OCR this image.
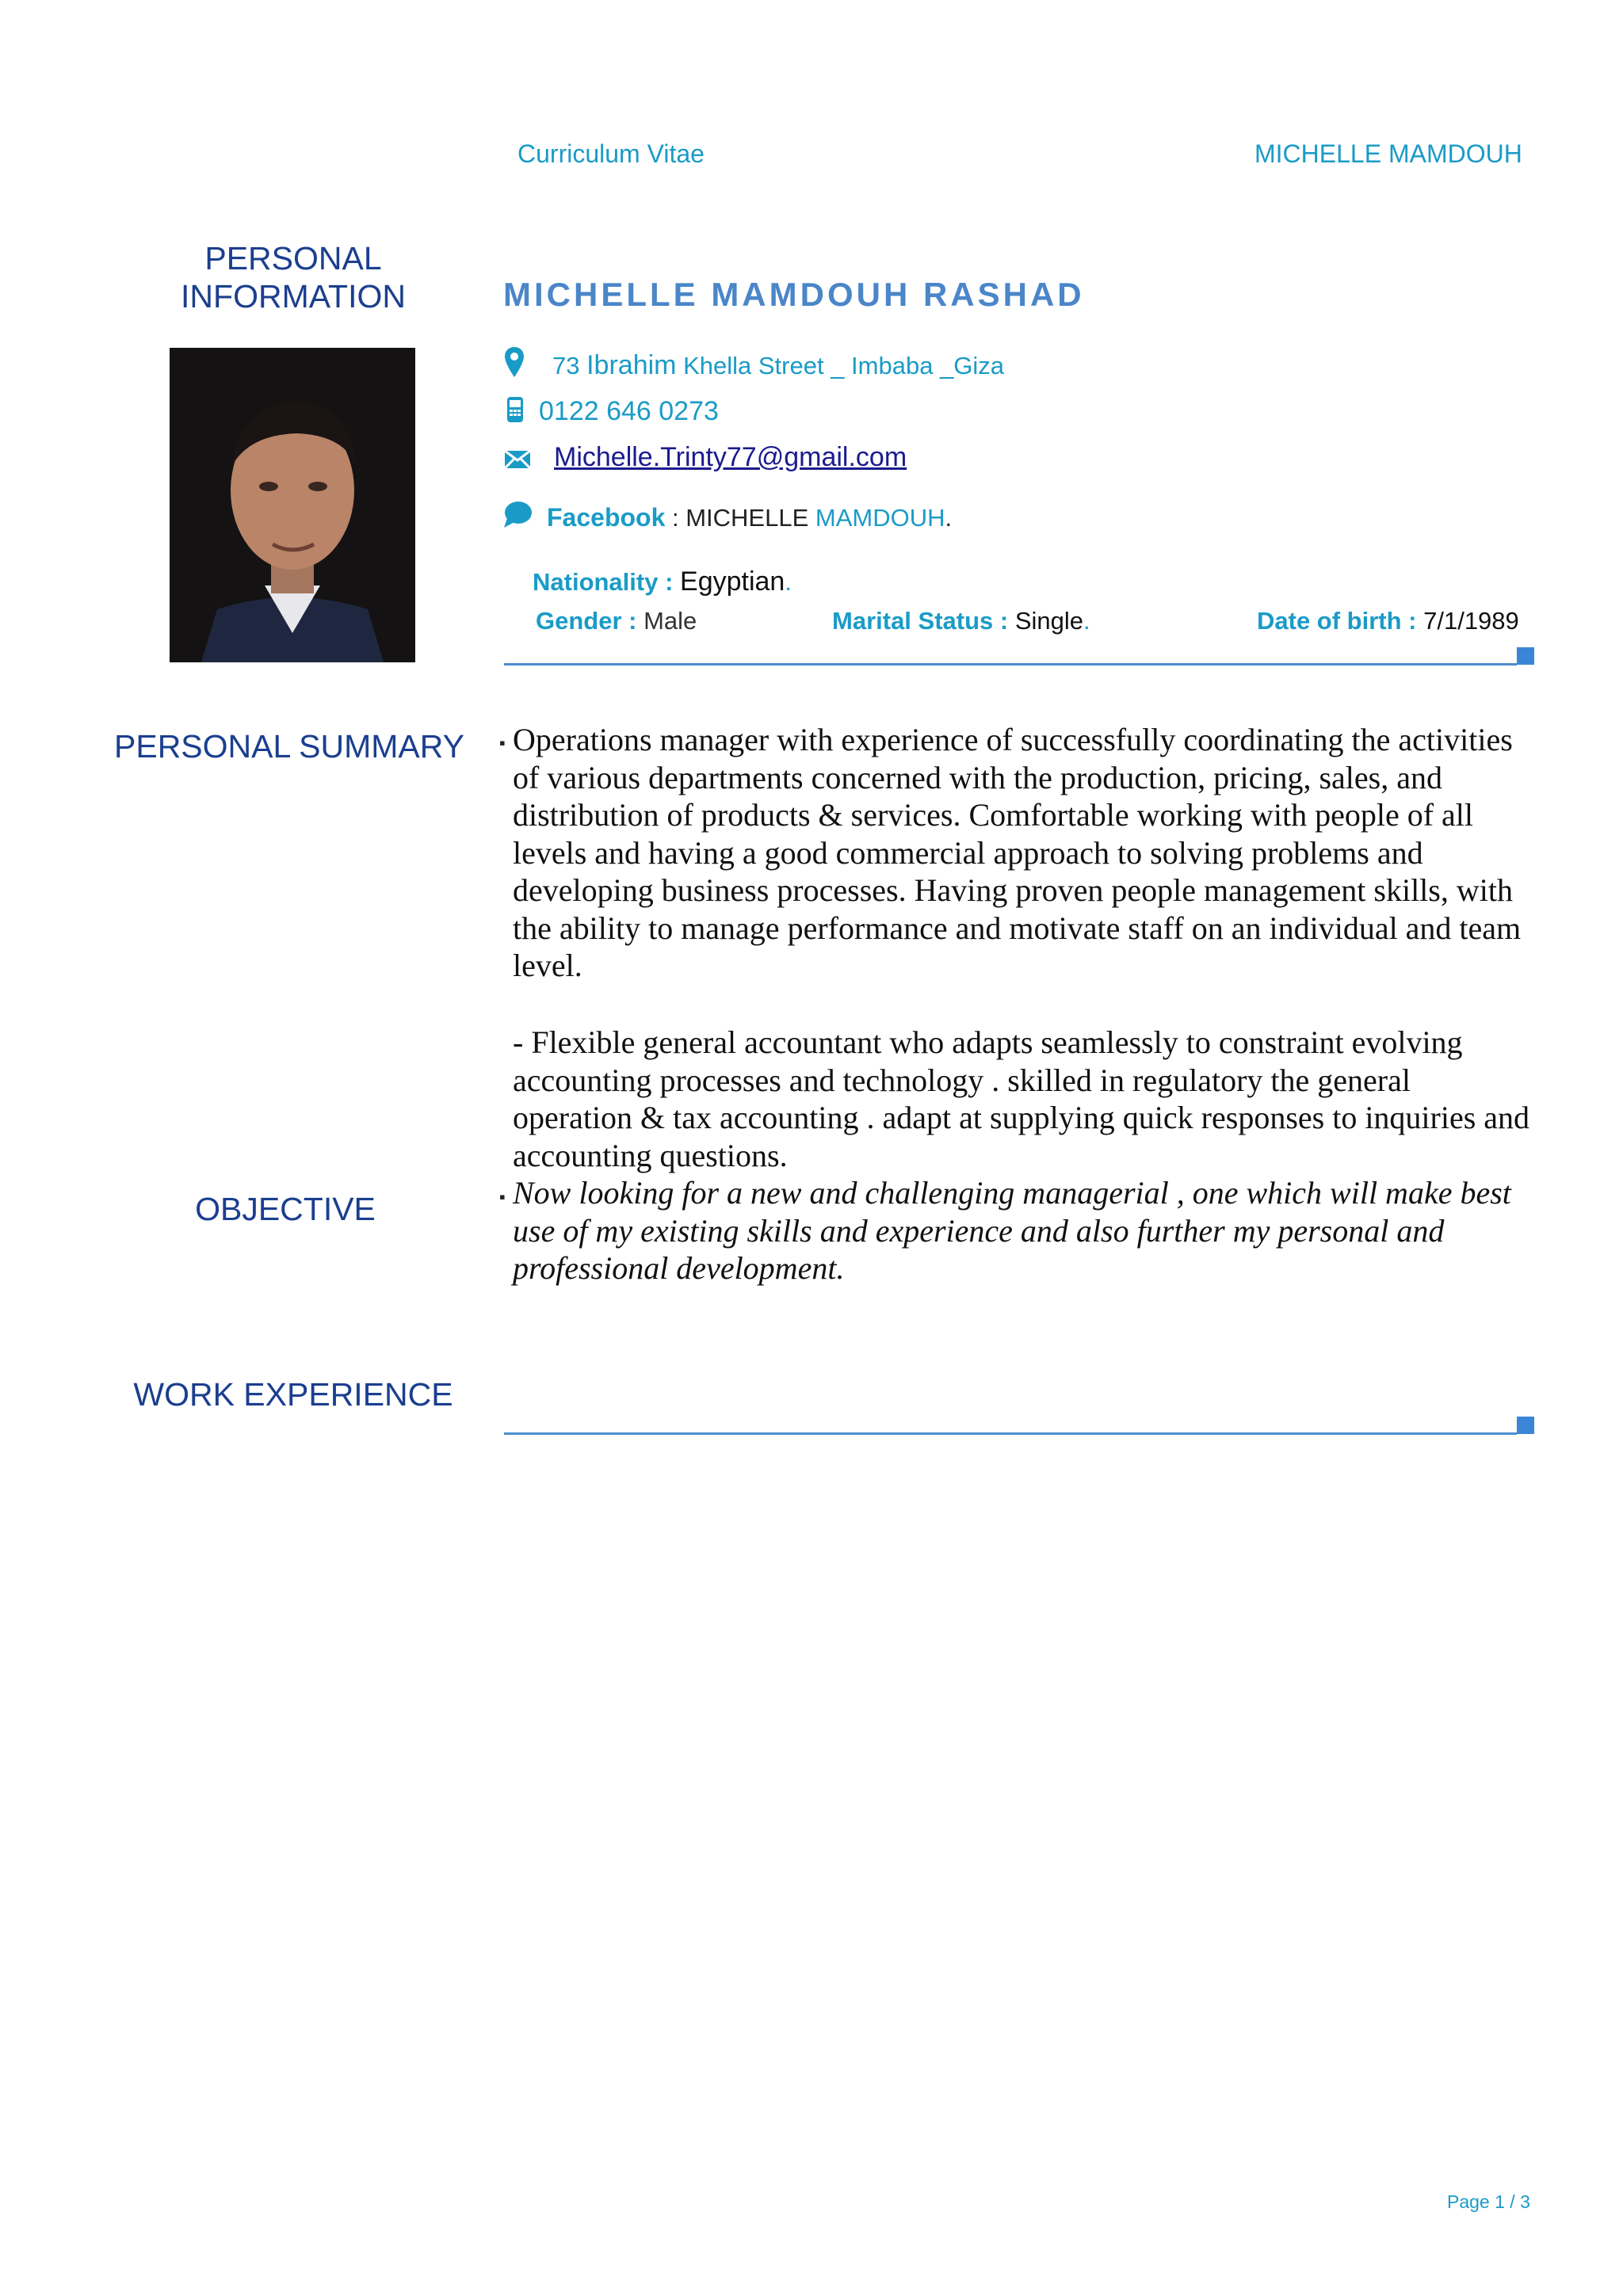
Curriculum Vitae	MICHELLE MAMDOUH
PERSONAL
INFORMATION
PERSONAL SUMMARY
OBJECTIVE
WORK EXPERIENCE
MICHELLE MAMDOUH RASHAD
73 Ibrahim Khella Street _ Imbaba _Giza
0122 646 0273
Michelle.Trinty77@gmail.com
Facebook : MICHELLE MAMDOUH.
Nationality : Egyptian.
Gender : Male	Marital Status : Single.	Date of birth : 7/1/1989
▪ Operations manager with experience of successfully coordinating the activities of various departments concerned with the production, pricing, sales, and distribution of products & services. Comfortable working with people of all levels and having a good commercial approach to solving problems and developing business processes. Having proven people management skills, with the ability to manage performance and motivate staff on an individual and team level.
- Flexible general accountant who adapts seamlessly to constraint evolving accounting processes and technology . skilled in regulatory the general operation & tax accounting . adapt at supplying quick responses to inquiries and accounting questions.
▪ Now looking for a new and challenging managerial , one which will make best use of my existing skills and experience and also further my personal and professional development.
Page 1 / 3
